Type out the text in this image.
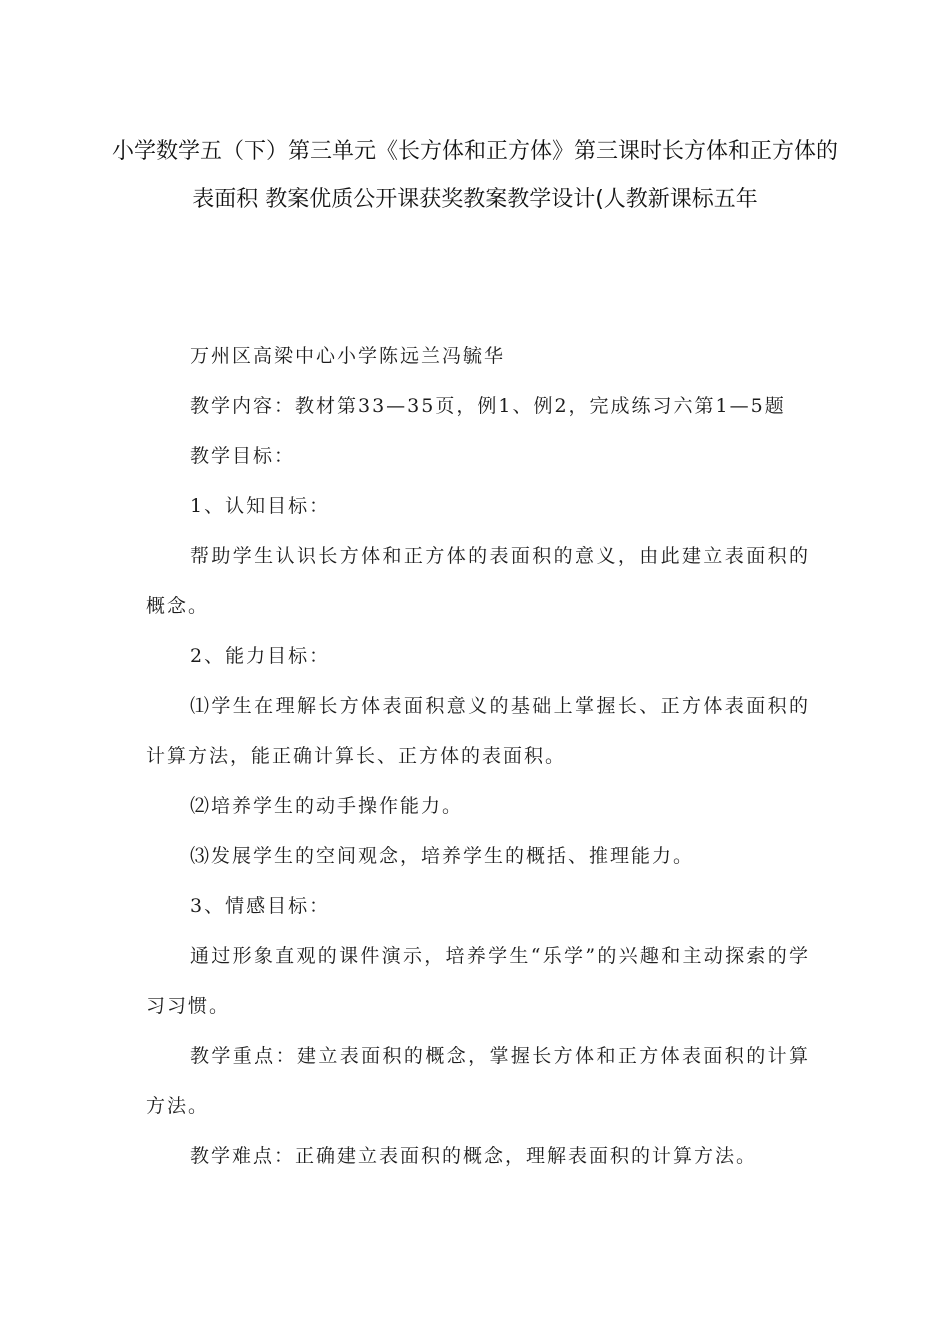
小学数学五（下）第三单元《长方体和正方体》第三课时长方体和正方体的表面积 教案优质公开课获奖教案教学设计(人教新课标五年

万州区高梁中心小学陈远兰冯毓华

教学内容：教材第33—35页，例1、例2，完成练习六第1—5题

教学目标：

1、认知目标：

帮助学生认识长方体和正方体的表面积的意义，由此建立表面积的概念。

2、能力目标：

⑴学生在理解长方体表面积意义的基础上掌握长、正方体表面积的计算方法，能正确计算长、正方体的表面积。

⑵培养学生的动手操作能力。

⑶发展学生的空间观念，培养学生的概括、推理能力。

3、情感目标：

通过形象直观的课件演示，培养学生“乐学”的兴趣和主动探索的学习习惯。

教学重点：建立表面积的概念，掌握长方体和正方体表面积的计算方法。

教学难点：正确建立表面积的概念，理解表面积的计算方法。
